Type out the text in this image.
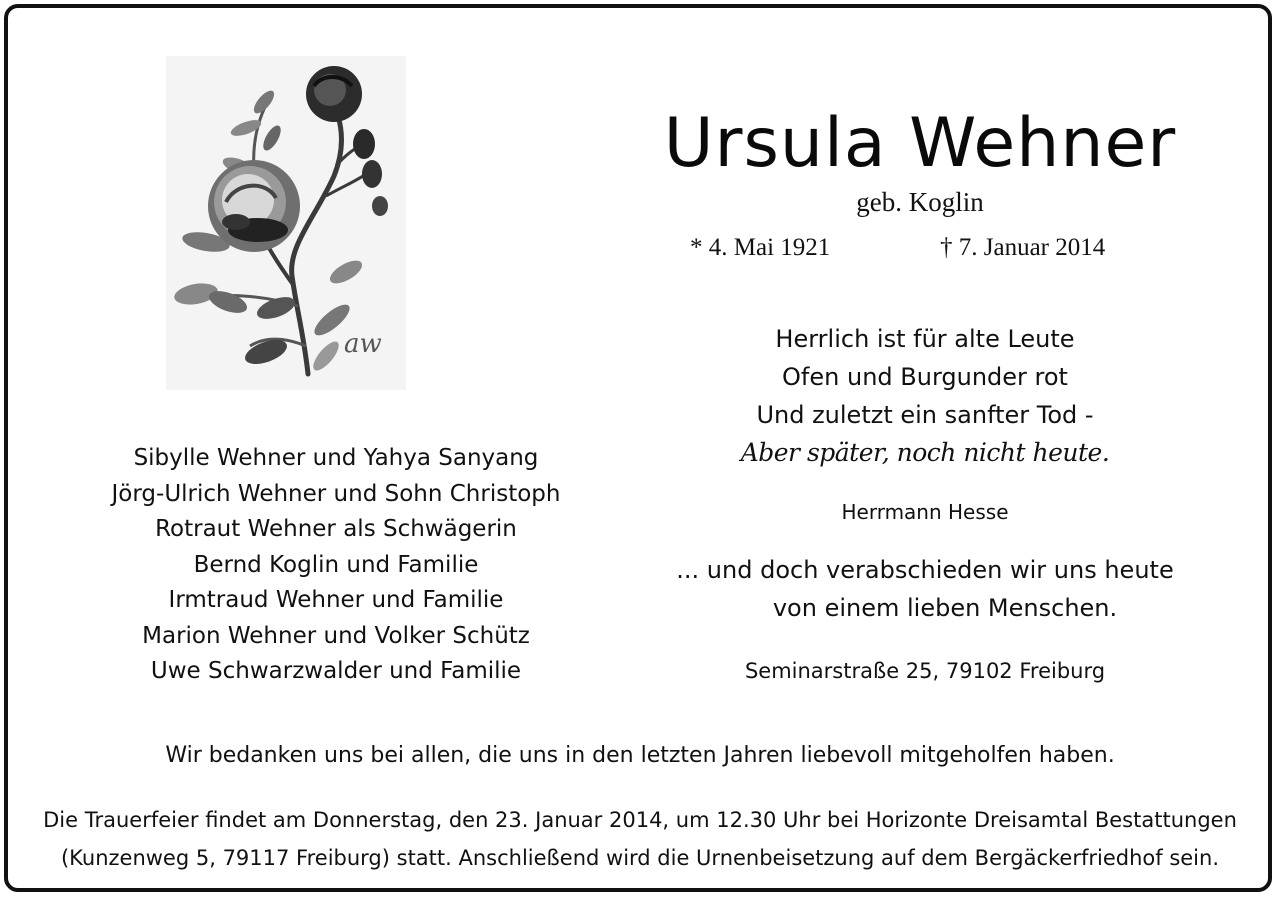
aw
Ursula Wehner
geb. Koglin
* 4. Mai 1921	† 7. Januar 2014
Herrlich ist für alte Leute
Ofen und Burgunder rot
Und zuletzt ein sanfter Tod -
Aber später, noch nicht heute.
Herrmann Hesse
... und doch verabschieden wir uns heute
von einem lieben Menschen.
Seminarstraße 25, 79102 Freiburg
Sibylle Wehner und Yahya Sanyang
Jörg-Ulrich Wehner und Sohn Christoph
Rotraut Wehner als Schwägerin
Bernd Koglin und Familie
Irmtraud Wehner und Familie
Marion Wehner und Volker Schütz
Uwe Schwarzwalder und Familie
Wir bedanken uns bei allen, die uns in den letzten Jahren liebevoll mitgeholfen haben.
Die Trauerfeier findet am Donnerstag, den 23. Januar 2014, um 12.30 Uhr bei Horizonte Dreisamtal Bestattungen
(Kunzenweg 5, 79117 Freiburg) statt. Anschließend wird die Urnenbeisetzung auf dem Bergäckerfriedhof sein.
